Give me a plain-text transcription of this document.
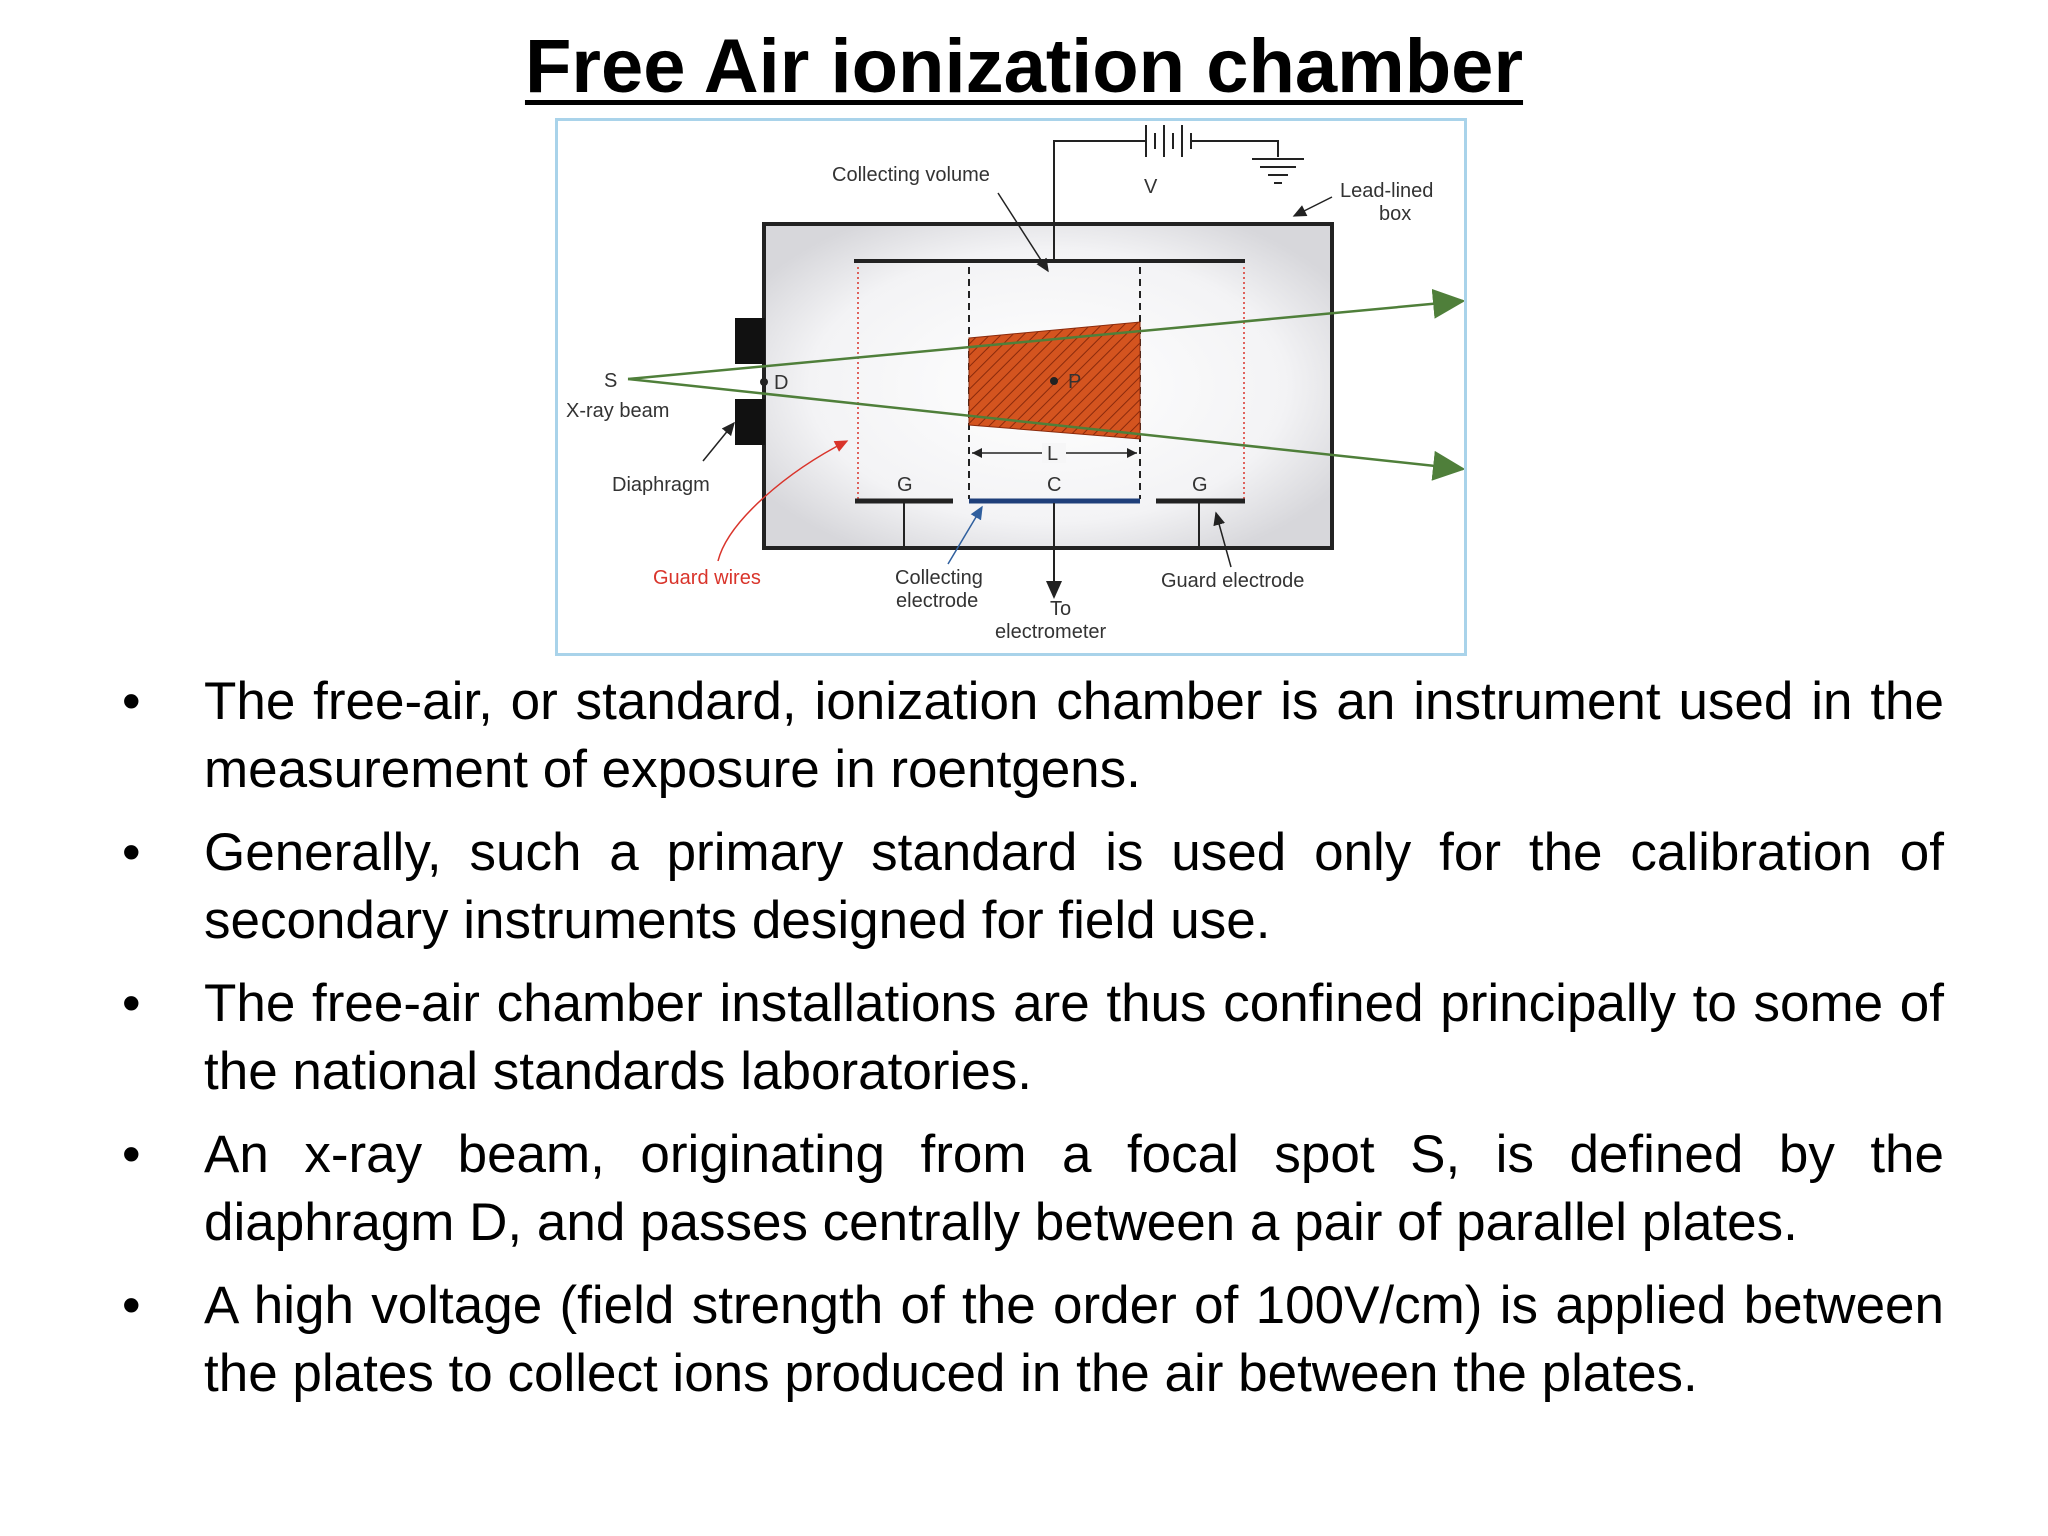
Free Air ionization chamber
P
S	D
X-ray beam
L
G	C	G
V
Collecting volume
Lead-lined
box
Diaphragm
Guard wires	Collecting
electrode	To
electrometer
Guard electrode
• The free-air, or standard, ionization chamber is an instrument used in the measurement of exposure in roentgens.
• Generally, such a primary standard is used only for the calibration of secondary instruments designed for field use.
• The free-air chamber installations are thus confined principally to some of the national standards laboratories.
• An x-ray beam, originating from a focal spot S, is defined by the diaphragm D, and passes centrally between a pair of parallel plates.
• A high voltage (field strength of the order of 100V/cm) is applied between the plates to collect ions produced in the air between the plates.
